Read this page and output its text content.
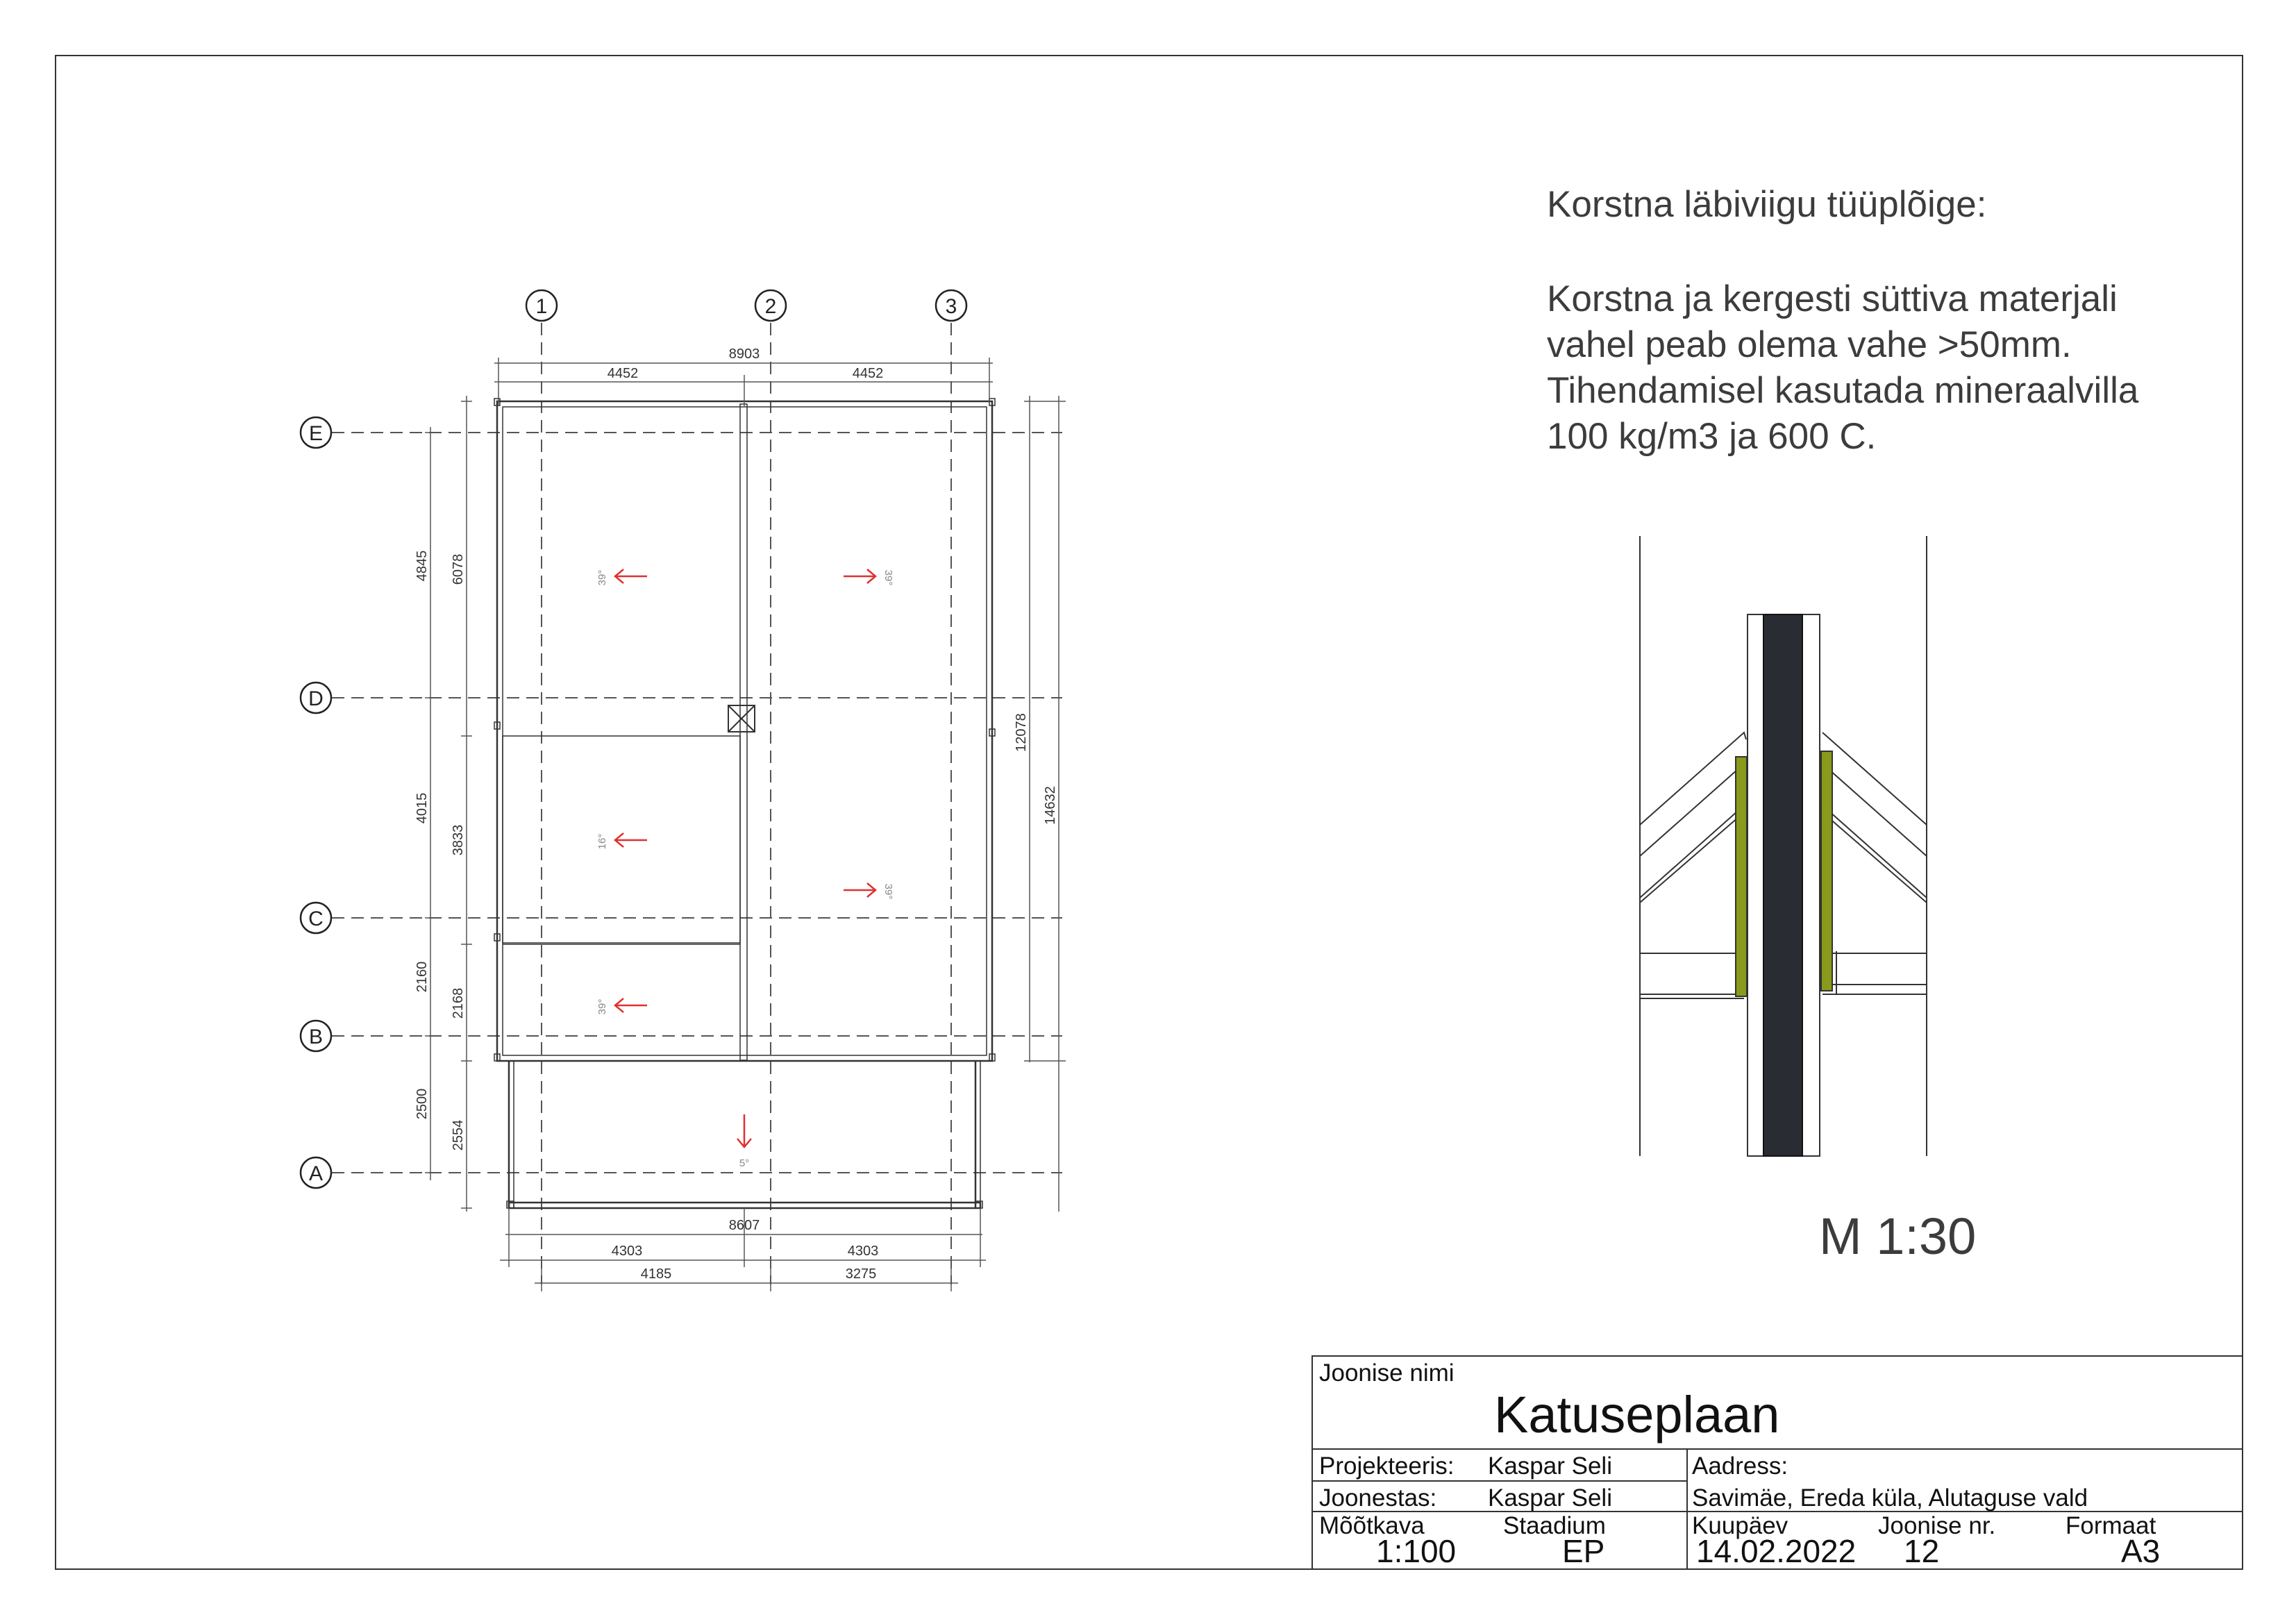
1	2	3
E
D
C
B
A
8903
4452	4452
8607
4303	4303
4185	3275
4845
4015
2160
2500
6078
3833
2168
2554
12078
14632
39°	39°
16°
39°
39°
5°
Korstna läbiviigu tüüplõige:
Korstna ja kergesti süttiva materjali
vahel peab olema vahe >50mm.
Tihendamisel kasutada mineraalvilla
100 kg/m3 ja 600 C.
M 1:30
Joonise nimi
Katuseplaan
Projekteeris: Kaspar Seli
Joonestas: Kaspar Seli
Aadress:
Savimäe, Ereda küla, Alutaguse vald
Mõõtkava
1:100
Staadium
EP
Kuupäev
14.02.2022
Joonise nr.
12
Formaat
A3
